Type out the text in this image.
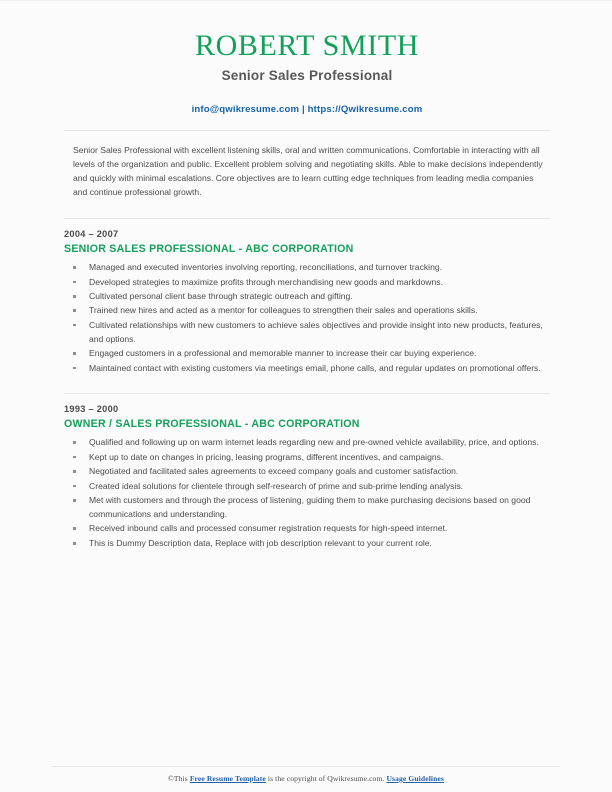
ROBERT SMITH
Senior Sales Professional
info@qwikresume.com | https://Qwikresume.com

Senior Sales Professional with excellent listening skills, oral and written communications. Comfortable in interacting with all levels of the organization and public. Excellent problem solving and negotiating skills. Able to make decisions independently and quickly with minimal escalations. Core objectives are to learn cutting edge techniques from leading media companies and continue professional growth.

2004 – 2007
SENIOR SALES PROFESSIONAL - ABC CORPORATION
Managed and executed inventories involving reporting, reconciliations, and turnover tracking.
Developed strategies to maximize profits through merchandising new goods and markdowns.
Cultivated personal client base through strategic outreach and gifting.
Trained new hires and acted as a mentor for colleagues to strengthen their sales and operations skills.
Cultivated relationships with new customers to achieve sales objectives and provide insight into new products, features, and options.
Engaged customers in a professional and memorable manner to increase their car buying experience.
Maintained contact with existing customers via meetings email, phone calls, and regular updates on promotional offers.
1993 – 2000
OWNER / SALES PROFESSIONAL - ABC CORPORATION
Qualified and following up on warm internet leads regarding new and pre-owned vehicle availability, price, and options.
Kept up to date on changes in pricing, leasing programs, different incentives, and campaigns.
Negotiated and facilitated sales agreements to exceed company goals and customer satisfaction.
Created ideal solutions for clientele through self-research of prime and sub-prime lending analysis.
Met with customers and through the process of listening, guiding them to make purchasing decisions based on good communications and understanding.
Received inbound calls and processed consumer registration requests for high-speed internet.
This is Dummy Description data, Replace with job description relevant to your current role.
©This Free Resume Template is the copyright of Qwikresume.com. Usage Guidelines
